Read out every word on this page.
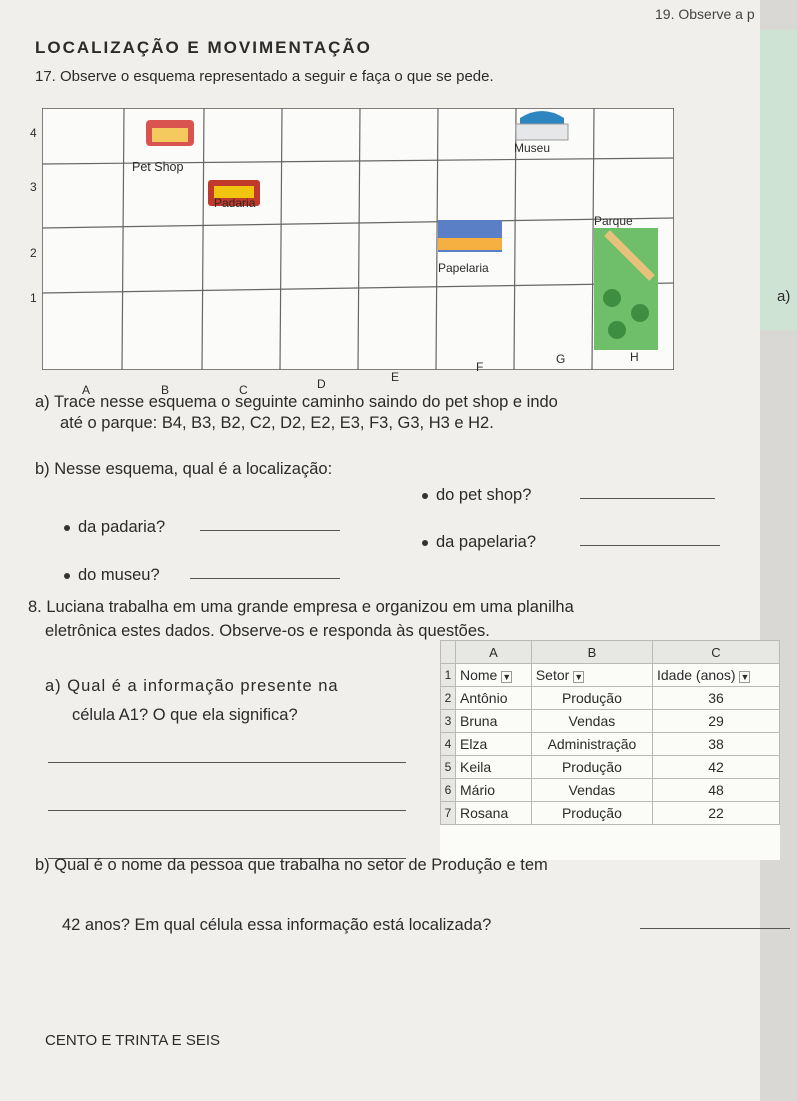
19. Observe a p
LOCALIZAÇÃO E MOVIMENTAÇÃO
17. Observe o esquema representado a seguir e faça o que se pede.
4
3
2
1
Pet Shop
Padaria
Museu
Parque
Papelaria
A	B	C	D	E
F
G	H
a)
a) Trace nesse esquema o seguinte caminho saindo do pet shop e indo
até o parque: B4, B3, B2, C2, D2, E2, E3, F3, G3, H3 e H2.
b) Nesse esquema, qual é a localização:
da padaria?
do museu?
do pet shop?
da papelaria?
8. Luciana trabalha em uma grande empresa e organizou em uma planilha
eletrônica estes dados. Observe-os e responda às questões.
a) Qual é a informação presente na
célula A1? O que ela significa?
	A	B	C
1	Nome ▼	Setor ▼	Idade (anos) ▼
2	Antônio	Produção	36
3	Bruna	Vendas	29
4	Elza	Administração	38
5	Keila	Produção	42
6	Mário	Vendas	48
7	Rosana	Produção	22
b) Qual é o nome da pessoa que trabalha no setor de Produção e tem
42 anos? Em qual célula essa informação está localizada?
CENTO E TRINTA E SEIS
